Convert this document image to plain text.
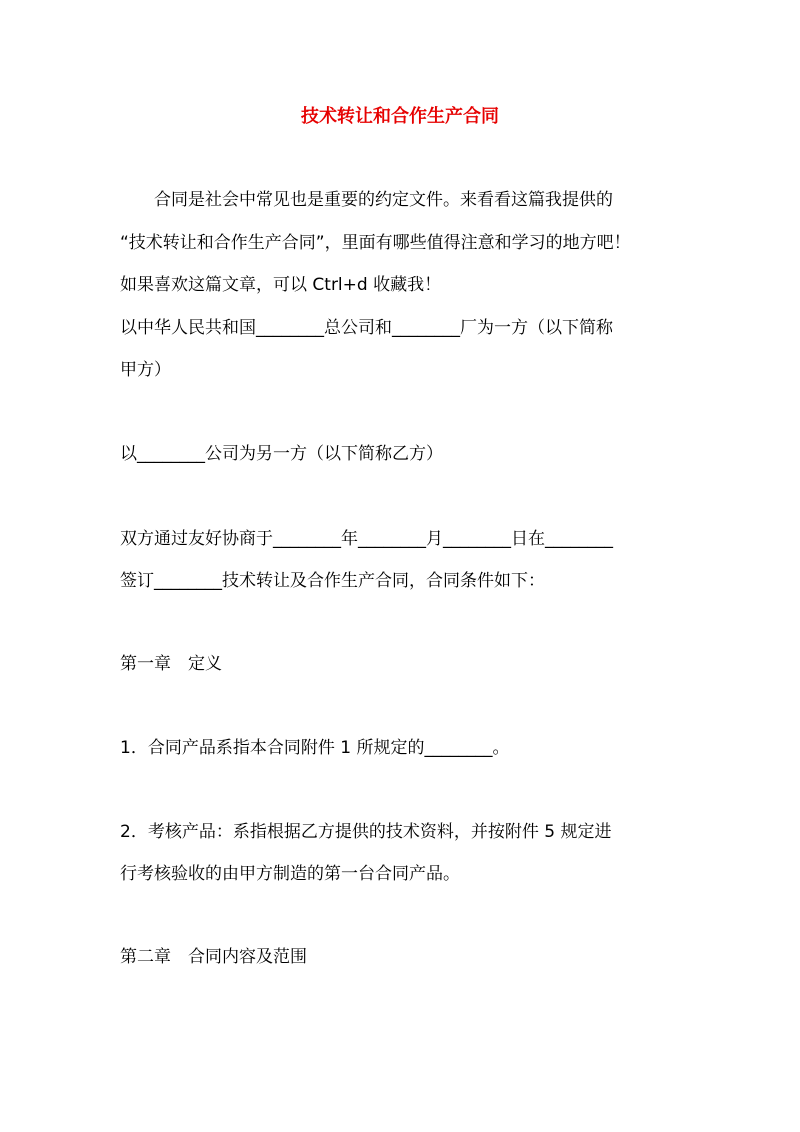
技术转让和合作生产合同
　　合同是社会中常见也是重要的约定文件。来看看这篇我提供的
“技术转让和合作生产合同”，里面有哪些值得注意和学习的地方吧！
如果喜欢这篇文章，可以 Ctrl+d 收藏我！
以中华人民共和国________总公司和________厂为一方（以下简称
甲方）
以________公司为另一方（以下简称乙方）
双方通过友好协商于________年________月________日在________
签订________技术转让及合作生产合同，合同条件如下：
第一章　定义
1．合同产品系指本合同附件 1 所规定的________。
2．考核产品：系指根据乙方提供的技术资料，并按附件 5 规定进
行考核验收的由甲方制造的第一台合同产品。
第二章　合同内容及范围
